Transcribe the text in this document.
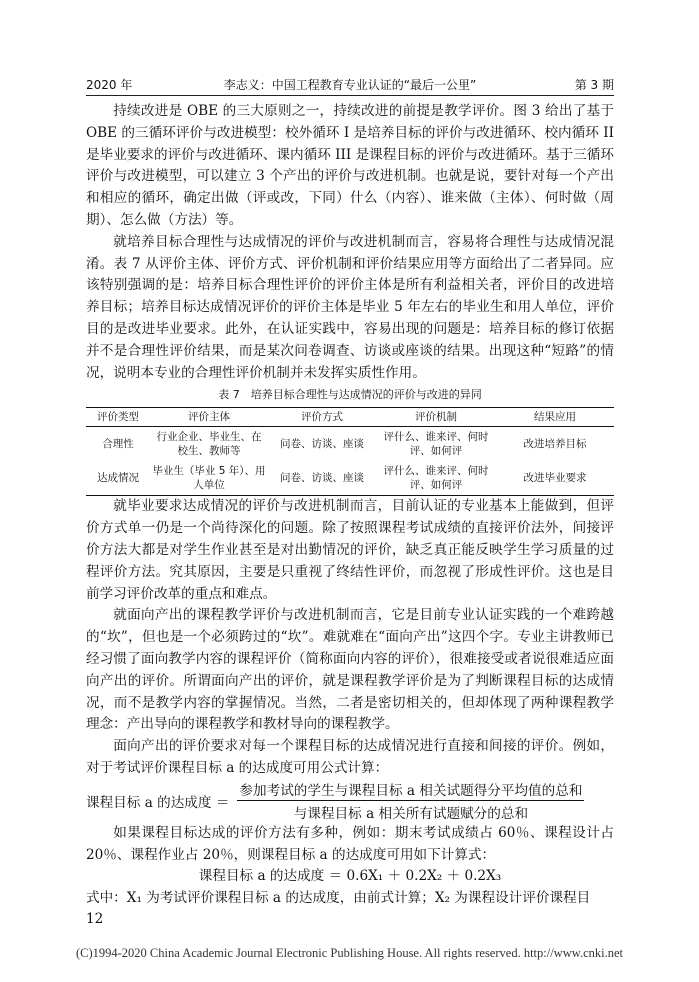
2020 年	李志义：中国工程教育专业认证的“最后一公里”	第 3 期

持续改进是 OBE 的三大原则之一，持续改进的前提是教学评价。图 3 给出了基于 OBE 的三循环评价与改进模型：校外循环 I 是培养目标的评价与改进循环、校内循环 II 是毕业要求的评价与改进循环、课内循环 III 是课程目标的评价与改进循环。基于三循环评价与改进模型，可以建立 3 个产出的评价与改进机制。也就是说，要针对每一个产出和相应的循环，确定出做（评或改，下同）什么（内容）、谁来做（主体）、何时做（周期）、怎么做（方法）等。

就培养目标合理性与达成情况的评价与改进机制而言，容易将合理性与达成情况混淆。表 7 从评价主体、评价方式、评价机制和评价结果应用等方面给出了二者异同。应该特别强调的是：培养目标合理性评价的评价主体是所有利益相关者，评价目的改进培养目标；培养目标达成情况评价的评价主体是毕业 5 年左右的毕业生和用人单位，评价目的是改进毕业要求。此外，在认证实践中，容易出现的问题是：培养目标的修订依据并不是合理性评价结果，而是某次问卷调查、访谈或座谈的结果。出现这种“短路”的情况，说明本专业的合理性评价机制并未发挥实质性作用。

表 7　培养目标合理性与达成情况的评价与改进的异同
评价类型	评价主体	评价方式	评价机制	结果应用
合理性	行业企业、毕业生、在校生、教师等	问卷、访谈、座谈	评什么、谁来评、何时评、如何评	改进培养目标
达成情况	毕业生（毕业 5 年）、用人单位	问卷、访谈、座谈	评什么、谁来评、何时评、如何评	改进毕业要求

就毕业要求达成情况的评价与改进机制而言，目前认证的专业基本上能做到，但评价方式单一仍是一个尚待深化的问题。除了按照课程考试成绩的直接评价法外，间接评价方法大都是对学生作业甚至是对出勤情况的评价，缺乏真正能反映学生学习质量的过程评价方法。究其原因，主要是只重视了终结性评价，而忽视了形成性评价。这也是目前学习评价改革的重点和难点。

就面向产出的课程教学评价与改进机制而言，它是目前专业认证实践的一个难跨越的“坎”，但也是一个必须跨过的“坎”。难就难在“面向产出”这四个字。专业主讲教师已经习惯了面向教学内容的课程评价（简称面向内容的评价），很难接受或者说很难适应面向产出的评价。所谓面向产出的评价，就是课程教学评价是为了判断课程目标的达成情况，而不是教学内容的掌握情况。当然，二者是密切相关的，但却体现了两种课程教学理念：产出导向的课程教学和教材导向的课程教学。

面向产出的评价要求对每一个课程目标的达成情况进行直接和间接的评价。例如，对于考试评价课程目标 a 的达成度可用公式计算：

课程目标 a 的达成度 ＝ $\frac{\text{参加考试的学生与课程目标 a 相关试题得分平均值的总和}}{\text{与课程目标 a 相关所有试题赋分的总和}}$

如果课程目标达成的评价方法有多种，例如：期末考试成绩占 60％、课程设计占 20％、课程作业占 20％，则课程目标 a 的达成度可用如下计算式：

课程目标 a 的达成度 ＝ 0.6X₁ ＋ 0.2X₂ ＋ 0.2X₃
式中：X₁ 为考试评价课程目标 a 的达成度，由前式计算；X₂ 为课程设计评价课程目
12
(C)1994-2020 China Academic Journal Electronic Publishing House. All rights reserved. http://www.cnki.net
